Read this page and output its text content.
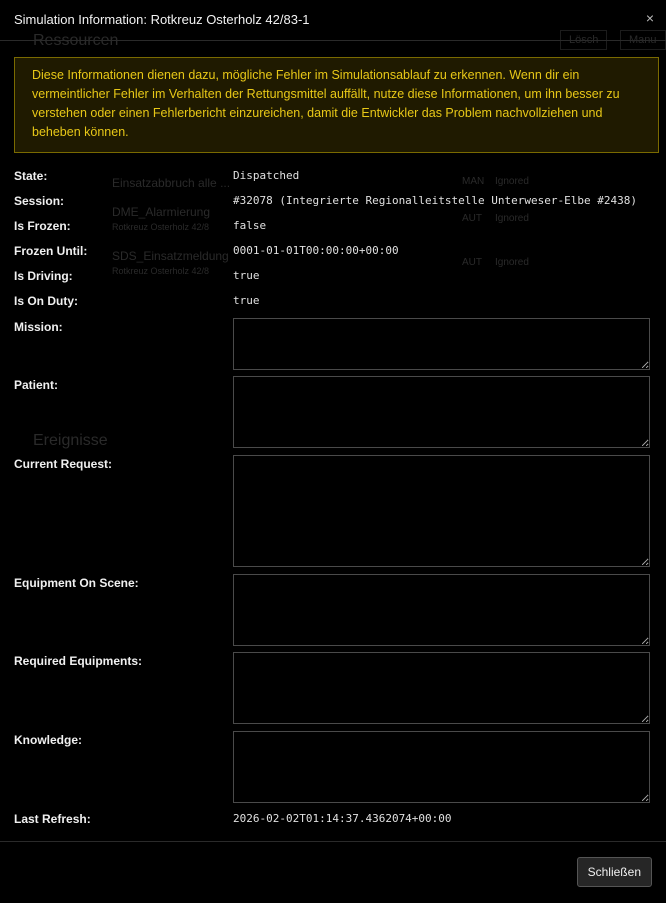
Ressourcen	Lösch	Manu
Einsatzabbruch alle ...	MAN Ignored
DME_Alarmierung
Rotkreuz Osterholz 42/8
AUT Ignored
SDS_Einsatzmeldung
Rotkreuz Osterholz 42/8
AUT Ignored
Ereignisse
Simulation Information: Rotkreuz Osterholz 42/83-1	×
Diese Informationen dienen dazu, mögliche Fehler im Simulationsablauf zu erkennen. Wenn dir ein vermeintlicher Fehler im Verhalten der Rettungsmittel auffällt, nutze diese Informationen, um ihn besser zu verstehen oder einen Fehlerbericht einzureichen, damit die Entwickler das Problem nachvollziehen und beheben können.
State:	Dispatched
Session:	#32078 (Integrierte Regionalleitstelle Unterweser-Elbe #2438)
Is Frozen:	false
Frozen Until:	0001-01-01T00:00:00+00:00
Is Driving:	true
Is On Duty:	true
Mission:
Patient:
Current Request:
Equipment On Scene:
Required Equipments:
Knowledge:
Last Refresh:	2026-02-02T01:14:37.4362074+00:00
Schließen
